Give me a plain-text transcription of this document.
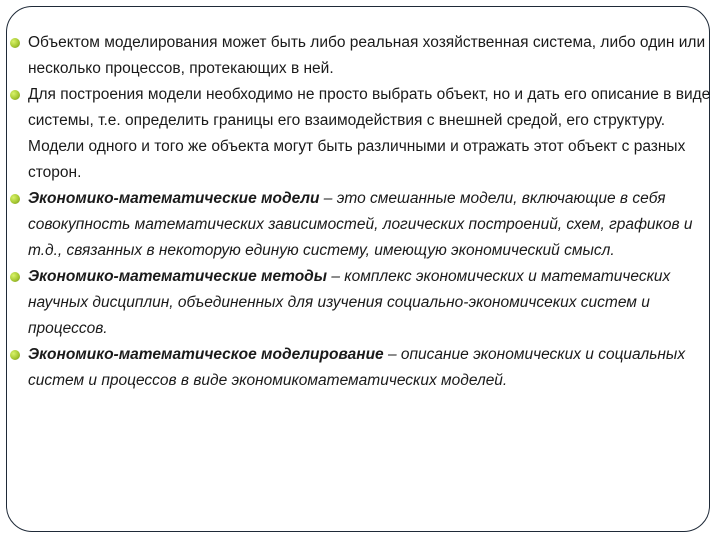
Объектом моделирования может быть либо реальная хозяйственная система, либо один или несколько процессов, протекающих в ней.
Для построения модели необходимо не просто выбрать объект, но и дать его описание в виде системы, т.е. определить границы его взаимодействия с внешней средой, его структуру. Модели одного и того же объекта могут быть различными и отражать этот объект с разных сторон.
Экономико-математические модели – это смешанные модели, включающие в себя совокупность математических зависимостей, логических построений, схем, графиков и т.д., связанных в некоторую единую систему, имеющую экономический смысл.
Экономико-математические методы – комплекс экономических и математических научных дисциплин, объединенных для изучения социально-экономичсеких систем и процессов.
Экономико-математическое моделирование – описание экономических и социальных систем и процессов в виде экономикоматематических моделей.
